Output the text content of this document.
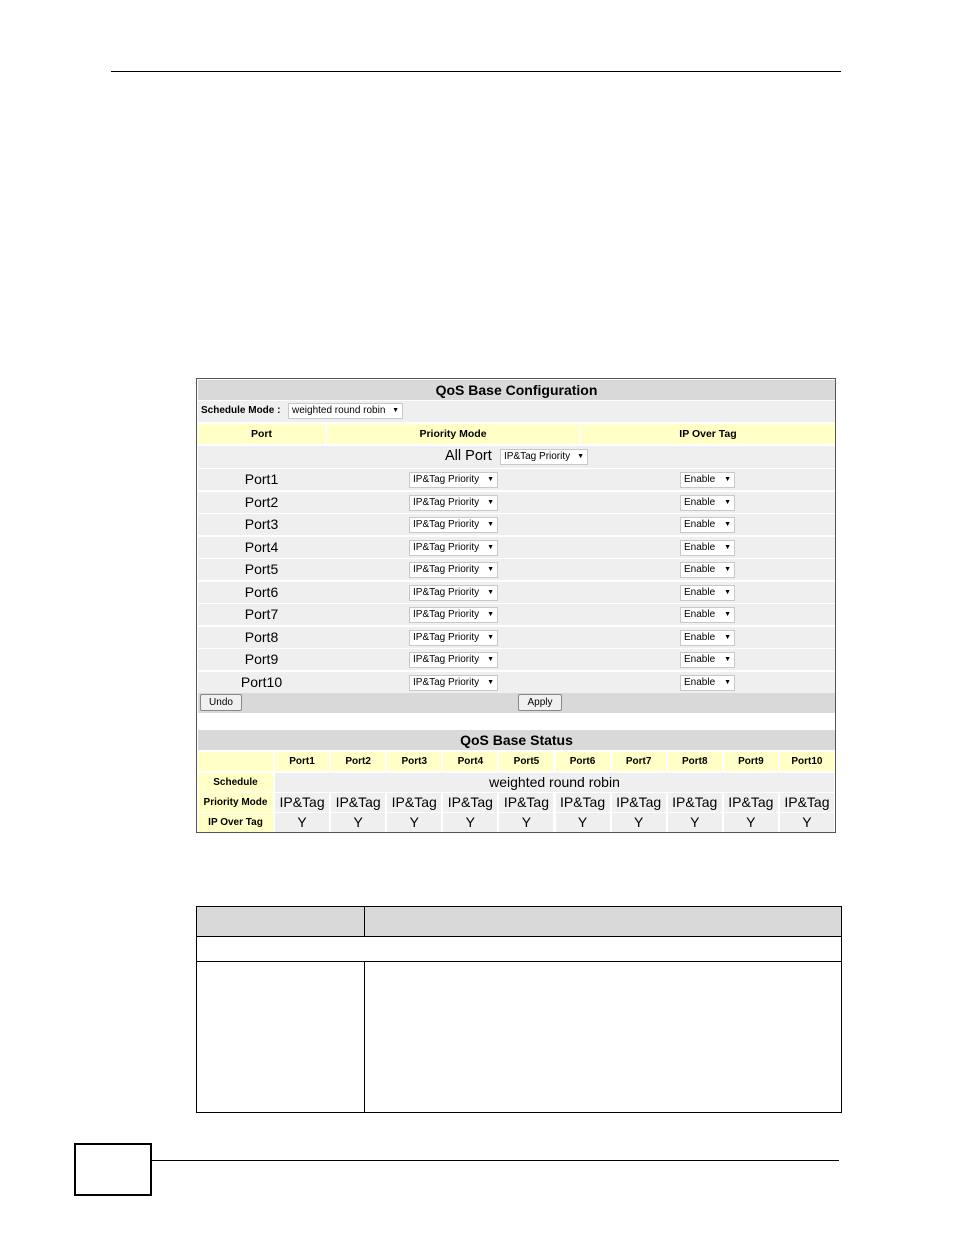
QoS Base Configuration
Schedule Mode :	weighted round robin ▼
Port	Priority Mode	IP Over Tag
All Port	IP&Tag Priority ▼
Port1	IP&Tag Priority ▼	Enable ▼
Port2	IP&Tag Priority ▼	Enable ▼
Port3	IP&Tag Priority ▼	Enable ▼
Port4	IP&Tag Priority ▼	Enable ▼
Port5	IP&Tag Priority ▼	Enable ▼
Port6	IP&Tag Priority ▼	Enable ▼
Port7	IP&Tag Priority ▼	Enable ▼
Port8	IP&Tag Priority ▼	Enable ▼
Port9	IP&Tag Priority ▼	Enable ▼
Port10	IP&Tag Priority ▼	Enable ▼
Undo	Apply
QoS Base Status
Port1	Port2	Port3	Port4	Port5	Port6	Port7	Port8	Port9	Port10
Schedule	weighted round robin
Priority Mode IP&Tag IP&Tag IP&Tag IP&Tag IP&Tag IP&Tag IP&Tag IP&Tag IP&Tag IP&Tag
IP Over Tag	Y	Y	Y	Y	Y	Y	Y	Y	Y	Y
